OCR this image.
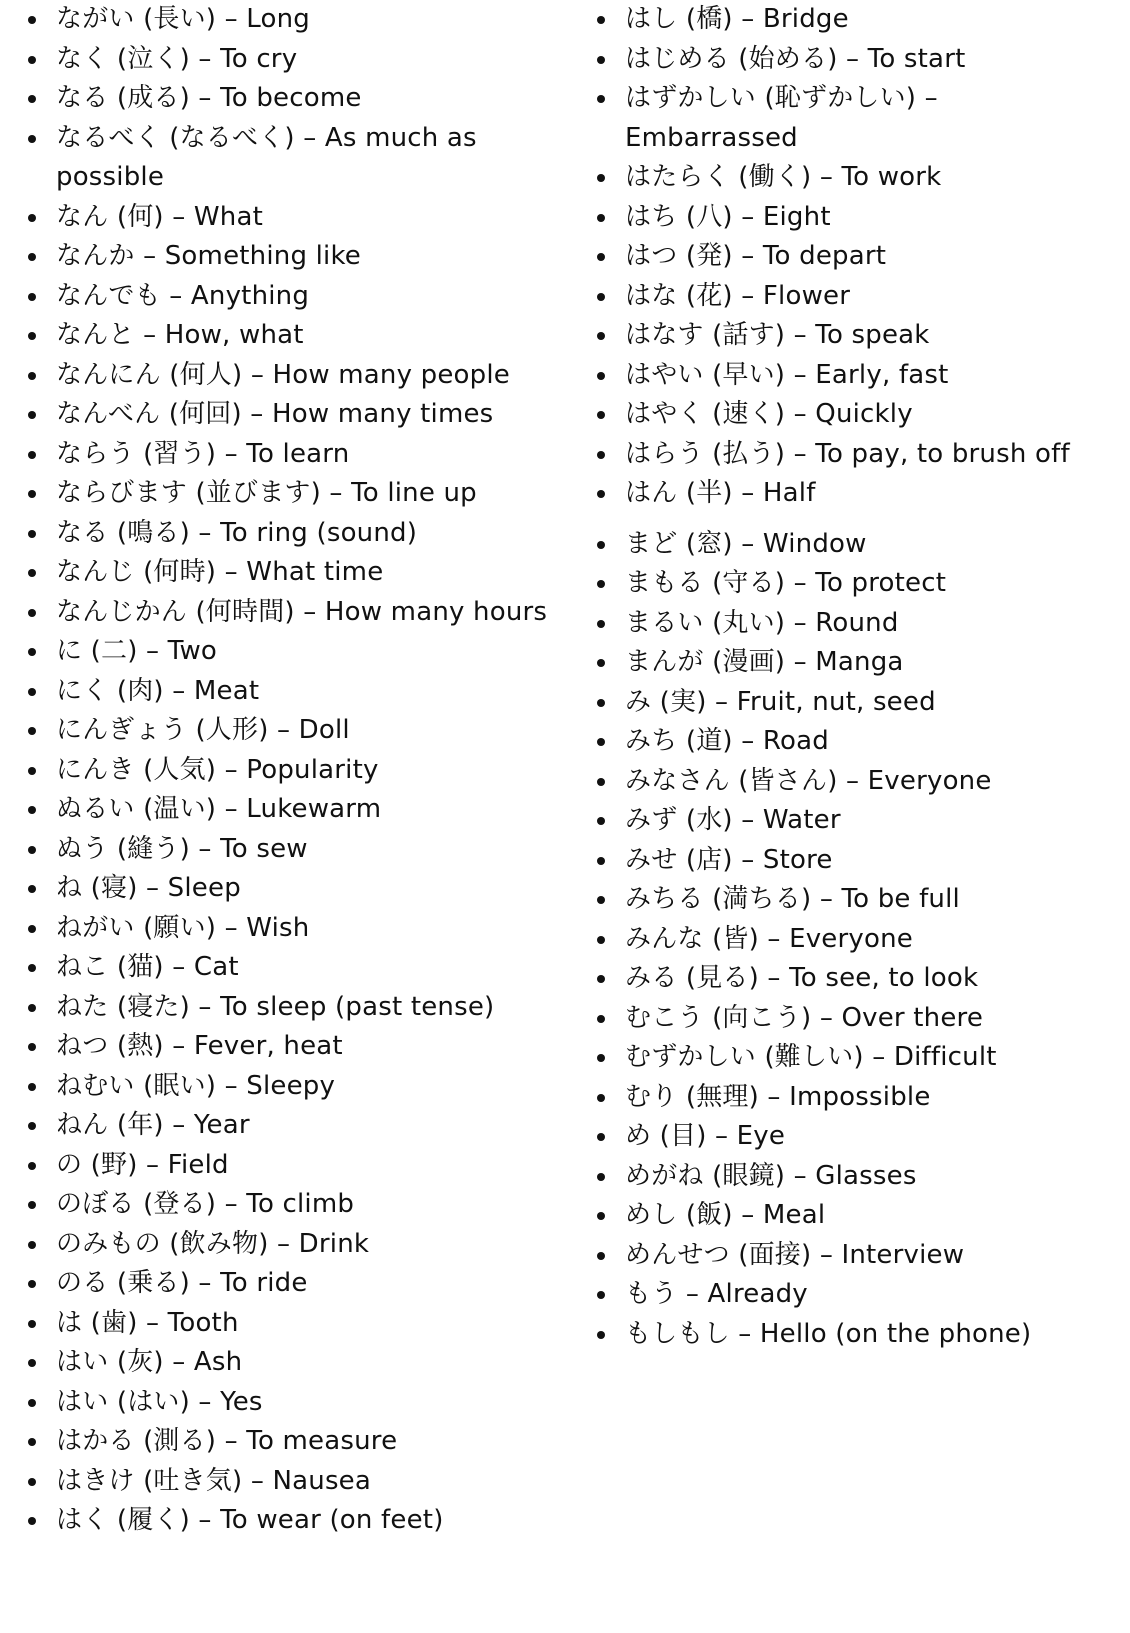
ながい (長い) – Long
なく (泣く) – To cry
なる (成る) – To become
なるべく (なるべく) – As much as possible
なん (何) – What
なんか – Something like
なんでも – Anything
なんと – How, what
なんにん (何人) – How many people
なんべん (何回) – How many times
ならう (習う) – To learn
ならびます (並びます) – To line up
なる (鳴る) – To ring (sound)
なんじ (何時) – What time
なんじかん (何時間) – How many hours
に (二) – Two
にく (肉) – Meat
にんぎょう (人形) – Doll
にんき (人気) – Popularity
ぬるい (温い) – Lukewarm
ぬう (縫う) – To sew
ね (寝) – Sleep
ねがい (願い) – Wish
ねこ (猫) – Cat
ねた (寝た) – To sleep (past tense)
ねつ (熱) – Fever, heat
ねむい (眠い) – Sleepy
ねん (年) – Year
の (野) – Field
のぼる (登る) – To climb
のみもの (飲み物) – Drink
のる (乗る) – To ride
は (歯) – Tooth
はい (灰) – Ash
はい (はい) – Yes
はかる (測る) – To measure
はきけ (吐き気) – Nausea
はく (履く) – To wear (on feet)
はし (橋) – Bridge
はじめる (始める) – To start
はずかしい (恥ずかしい) – Embarrassed
はたらく (働く) – To work
はち (八) – Eight
はつ (発) – To depart
はな (花) – Flower
はなす (話す) – To speak
はやい (早い) – Early, fast
はやく (速く) – Quickly
はらう (払う) – To pay, to brush off
はん (半) – Half
まど (窓) – Window
まもる (守る) – To protect
まるい (丸い) – Round
まんが (漫画) – Manga
み (実) – Fruit, nut, seed
みち (道) – Road
みなさん (皆さん) – Everyone
みず (水) – Water
みせ (店) – Store
みちる (満ちる) – To be full
みんな (皆) – Everyone
みる (見る) – To see, to look
むこう (向こう) – Over there
むずかしい (難しい) – Difficult
むり (無理) – Impossible
め (目) – Eye
めがね (眼鏡) – Glasses
めし (飯) – Meal
めんせつ (面接) – Interview
もう – Already
もしもし – Hello (on the phone)
